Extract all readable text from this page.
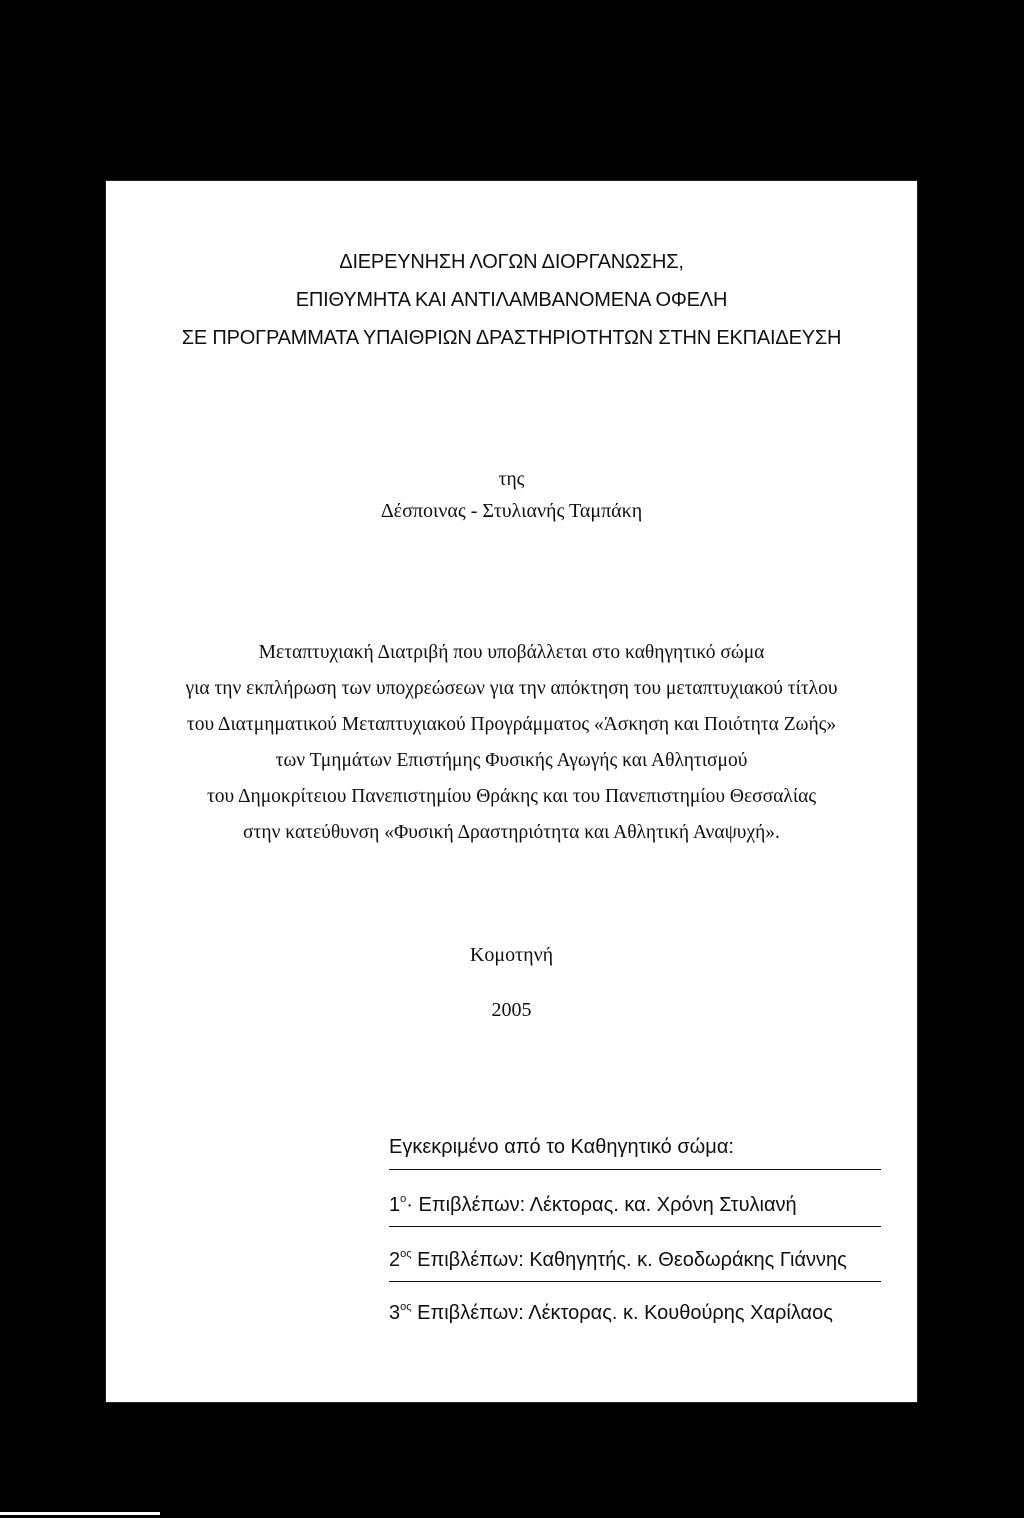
ΔΙΕΡΕΥΝΗΣΗ ΛΟΓΩΝ ΔΙΟΡΓΑΝΩΣΗΣ,
ΕΠΙΘΥΜΗΤΑ ΚΑΙ ΑΝΤΙΛΑΜΒΑΝΟΜΕΝΑ ΟΦΕΛΗ
ΣΕ ΠΡΟΓΡΑΜΜΑΤΑ ΥΠΑΙΘΡΙΩΝ ΔΡΑΣΤΗΡΙΟΤΗΤΩΝ ΣΤΗΝ ΕΚΠΑΙΔΕΥΣΗ
της
Δέσποινας - Στυλιανής Ταμπάκη
Μεταπτυχιακή Διατριβή που υποβάλλεται στο καθηγητικό σώμα
για την εκπλήρωση των υποχρεώσεων για την απόκτηση του μεταπτυχιακού τίτλου
του Διατμηματικού Μεταπτυχιακού Προγράμματος «Άσκηση και Ποιότητα Ζωής»
των Τμημάτων Επιστήμης Φυσικής Αγωγής και Αθλητισμού
του Δημοκρίτειου Πανεπιστημίου Θράκης και του Πανεπιστημίου Θεσσαλίας
στην κατεύθυνση «Φυσική Δραστηριότητα και Αθλητική Αναψυχή».
Κομοτηνή
2005
Εγκεκριμένο από το Καθηγητικό σώμα:
$1^o\cdot E\pi\iota\beta\lambda έ\pi\omega\nu$: Λέκτορας. κα. Χρόνη Στυλιανή
$2^{o\varsigma}$ Επιβλέπων: Καθηγητής. κ. Θεοδωράκης Γιάννης
$3^{o\varsigma}$ Επιβλέπων: Λέκτορας. κ. Κουθούρης Χαρίλαος
